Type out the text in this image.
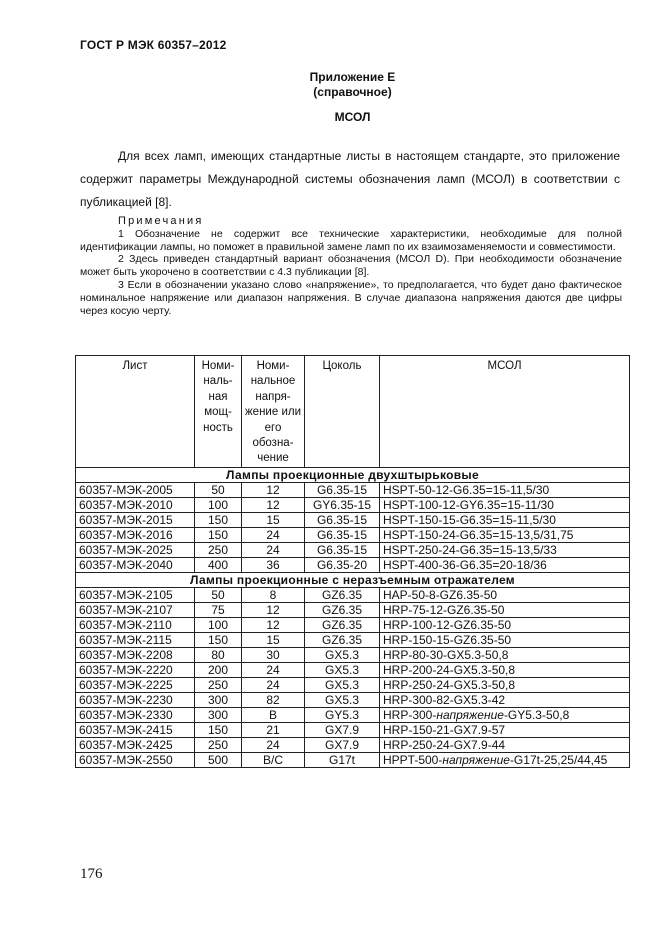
ГОСТ Р МЭК 60357–2012
Приложение Е
(справочное)
МСОЛ
Для всех ламп, имеющих стандартные листы в настоящем стандарте, это приложение содержит параметры Международной системы обозначения ламп (МСОЛ) в соответствии с публикацией [8].
Примечания

1 Обозначение не содержит все технические характеристики, необходимые для полной идентификации лампы, но поможет в правильной замене ламп по их взаимозаменяемости и совместимости.

2 Здесь приведен стандартный вариант обозначения (МСОЛ D). При необходимости обозначение может быть укорочено в соответствии с 4.3 публикации [8].

3 Если в обозначении указано слово «напряжение», то предполагается, что будет дано фактическое номинальное напряжение или диапазон напряжения. В случае диапазона напряжения даются две цифры через косую черту.

Лист	Номи-наль-ная мощ-ность	Номи-нальное напря-жение или его обозна-чение	Цоколь	МСОЛ
Лампы проекционные двухштырьковые				
60357-МЭК-2005	50	12	G6.35-15	HSPT-50-12-G6.35=15-11,5/30
60357-МЭК-2010	100	12	GY6.35-15	HSPT-100-12-GY6.35=15-11/30
60357-МЭК-2015	150	15	G6.35-15	HSPT-150-15-G6.35=15-11,5/30
60357-МЭК-2016	150	24	G6.35-15	HSPT-150-24-G6.35=15-13,5/31,75
60357-МЭК-2025	250	24	G6.35-15	HSPT-250-24-G6.35=15-13,5/33
60357-МЭК-2040	400	36	G6.35-20	HSPT-400-36-G6.35=20-18/36
Лампы проекционные с неразъемным отражателем				
60357-МЭК-2105	50	8	GZ6.35	HAP-50-8-GZ6.35-50
60357-МЭК-2107	75	12	GZ6.35	HRP-75-12-GZ6.35-50
60357-МЭК-2110	100	12	GZ6.35	HRP-100-12-GZ6.35-50
60357-МЭК-2115	150	15	GZ6.35	HRP-150-15-GZ6.35-50
60357-МЭК-2208	80	30	GX5.3	HRP-80-30-GX5.3-50,8
60357-МЭК-2220	200	24	GX5.3	HRP-200-24-GX5.3-50,8
60357-МЭК-2225	250	24	GX5.3	HRP-250-24-GX5.3-50,8
60357-МЭК-2230	300	82	GX5.3	HRP-300-82-GX5.3-42
60357-МЭК-2330	300	B	GY5.3	HRP-300-напряжение-GY5.3-50,8
60357-МЭК-2415	150	21	GX7.9	HRP-150-21-GX7.9-57
60357-МЭК-2425	250	24	GX7.9	HRP-250-24-GX7.9-44
60357-МЭК-2550	500	B/C	G17t	HPPT-500-напряжение-G17t-25,25/44,45
176
